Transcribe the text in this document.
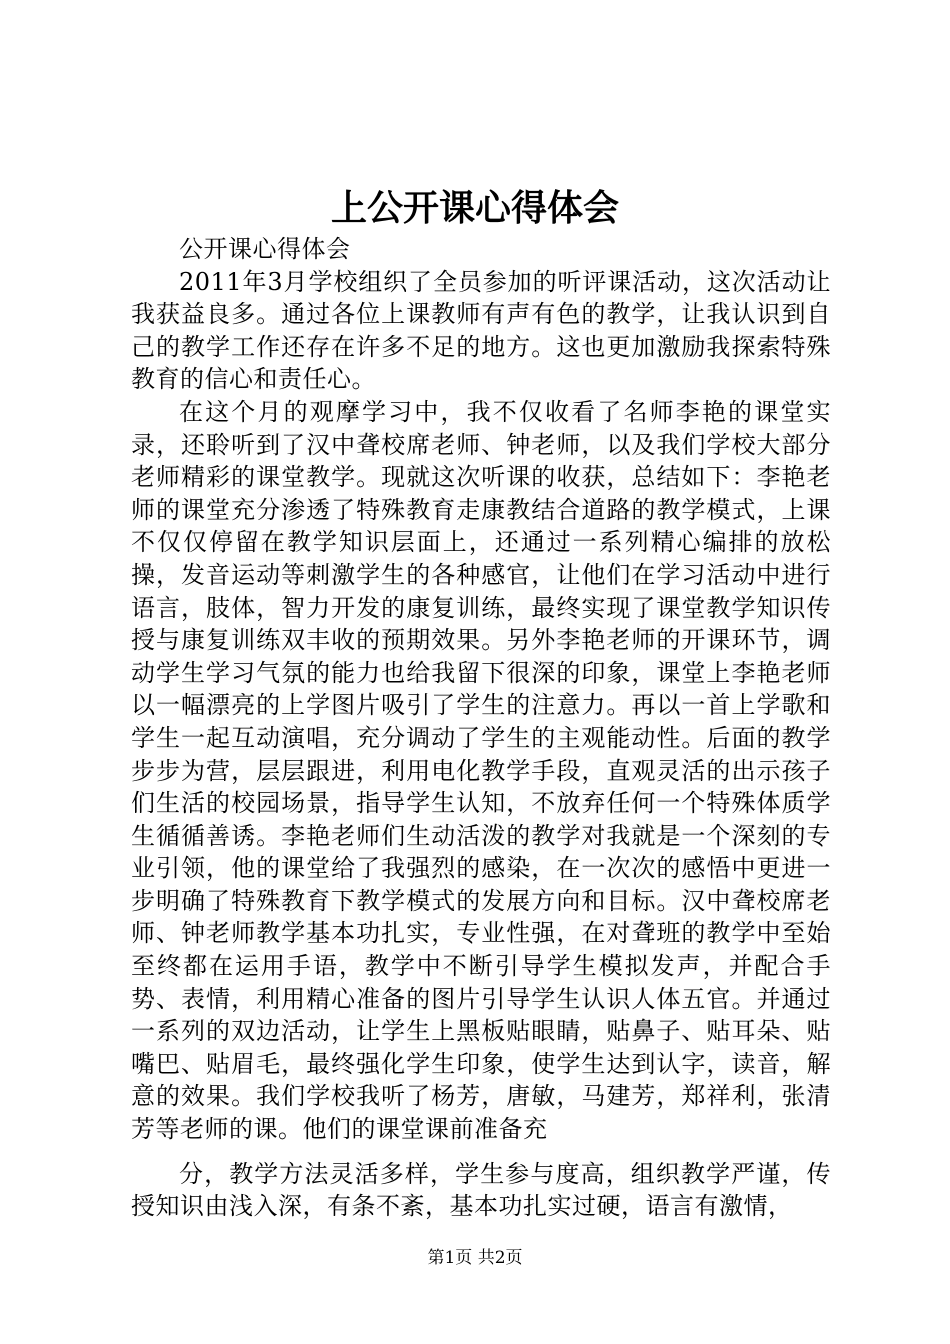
上公开课心得体会

公开课心得体会

2011年3月学校组织了全员参加的听评课活动，这次活动让我获益良多。通过各位上课教师有声有色的教学，让我认识到自己的教学工作还存在许多不足的地方。这也更加激励我探索特殊教育的信心和责任心。

在这个月的观摩学习中，我不仅收看了名师李艳的课堂实录，还聆听到了汉中聋校席老师、钟老师，以及我们学校大部分老师精彩的课堂教学。现就这次听课的收获，总结如下：李艳老师的课堂充分渗透了特殊教育走康教结合道路的教学模式，上课不仅仅停留在教学知识层面上，还通过一系列精心编排的放松操，发音运动等刺激学生的各种感官，让他们在学习活动中进行语言，肢体，智力开发的康复训练，最终实现了课堂教学知识传授与康复训练双丰收的预期效果。另外李艳老师的开课环节，调动学生学习气氛的能力也给我留下很深的印象，课堂上李艳老师以一幅漂亮的上学图片吸引了学生的注意力。再以一首上学歌和学生一起互动演唱，充分调动了学生的主观能动性。后面的教学步步为营，层层跟进，利用电化教学手段，直观灵活的出示孩子们生活的校园场景，指导学生认知，不放弃任何一个特殊体质学生循循善诱。李艳老师们生动活泼的教学对我就是一个深刻的专业引领，他的课堂给了我强烈的感染，在一次次的感悟中更进一步明确了特殊教育下教学模式的发展方向和目标。汉中聋校席老师、钟老师教学基本功扎实，专业性强，在对聋班的教学中至始至终都在运用手语，教学中不断引导学生模拟发声，并配合手势、表情，利用精心准备的图片引导学生认识人体五官。并通过一系列的双边活动，让学生上黑板贴眼睛，贴鼻子、贴耳朵、贴嘴巴、贴眉毛，最终强化学生印象，使学生达到认字，读音，解意的效果。我们学校我听了杨芳，唐敏，马建芳，郑祥利，张清芳等老师的课。他们的课堂课前准备充

分，教学方法灵活多样，学生参与度高，组织教学严谨，传授知识由浅入深，有条不紊，基本功扎实过硬，语言有激情，

第1页 共2页
